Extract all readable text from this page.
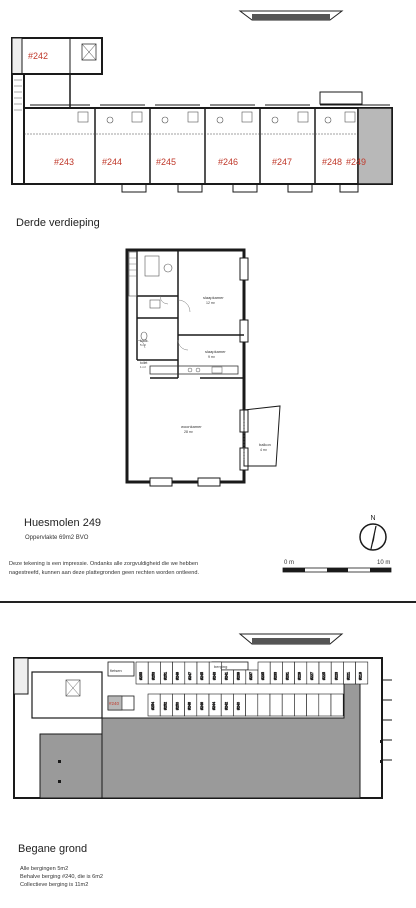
#242
#243	#244	#245	#246	#247	#248 #249
Derde verdieping
slaapkamer
12 m²
slaapkamer
9 m²
woonkamer
28 m²
balkon
4 m²
badk.
5 m²
toilet
1 m²
N
Huesmolen 249
Oppervlakte 69m2 BVO
Deze tekening is een impressie. Ondanks alle zorgvuldigheid die we hebben
nagestreefd, kunnen aan deze plattegronden geen rechten worden ontleend.
0 m	10 m
#255 #253 #251 #249 #247 #245 #243 #241 #239 #237 #235 #233 #231 #229 #227 #225 #223 #221 #219
#254 #252 #250 #248 #246 #244 #242 #240
fietsen
berging
#240
Begane grond
Alle bergingen 5m2
Behalve berging #240, die is 6m2
Collectieve berging is 11m2
